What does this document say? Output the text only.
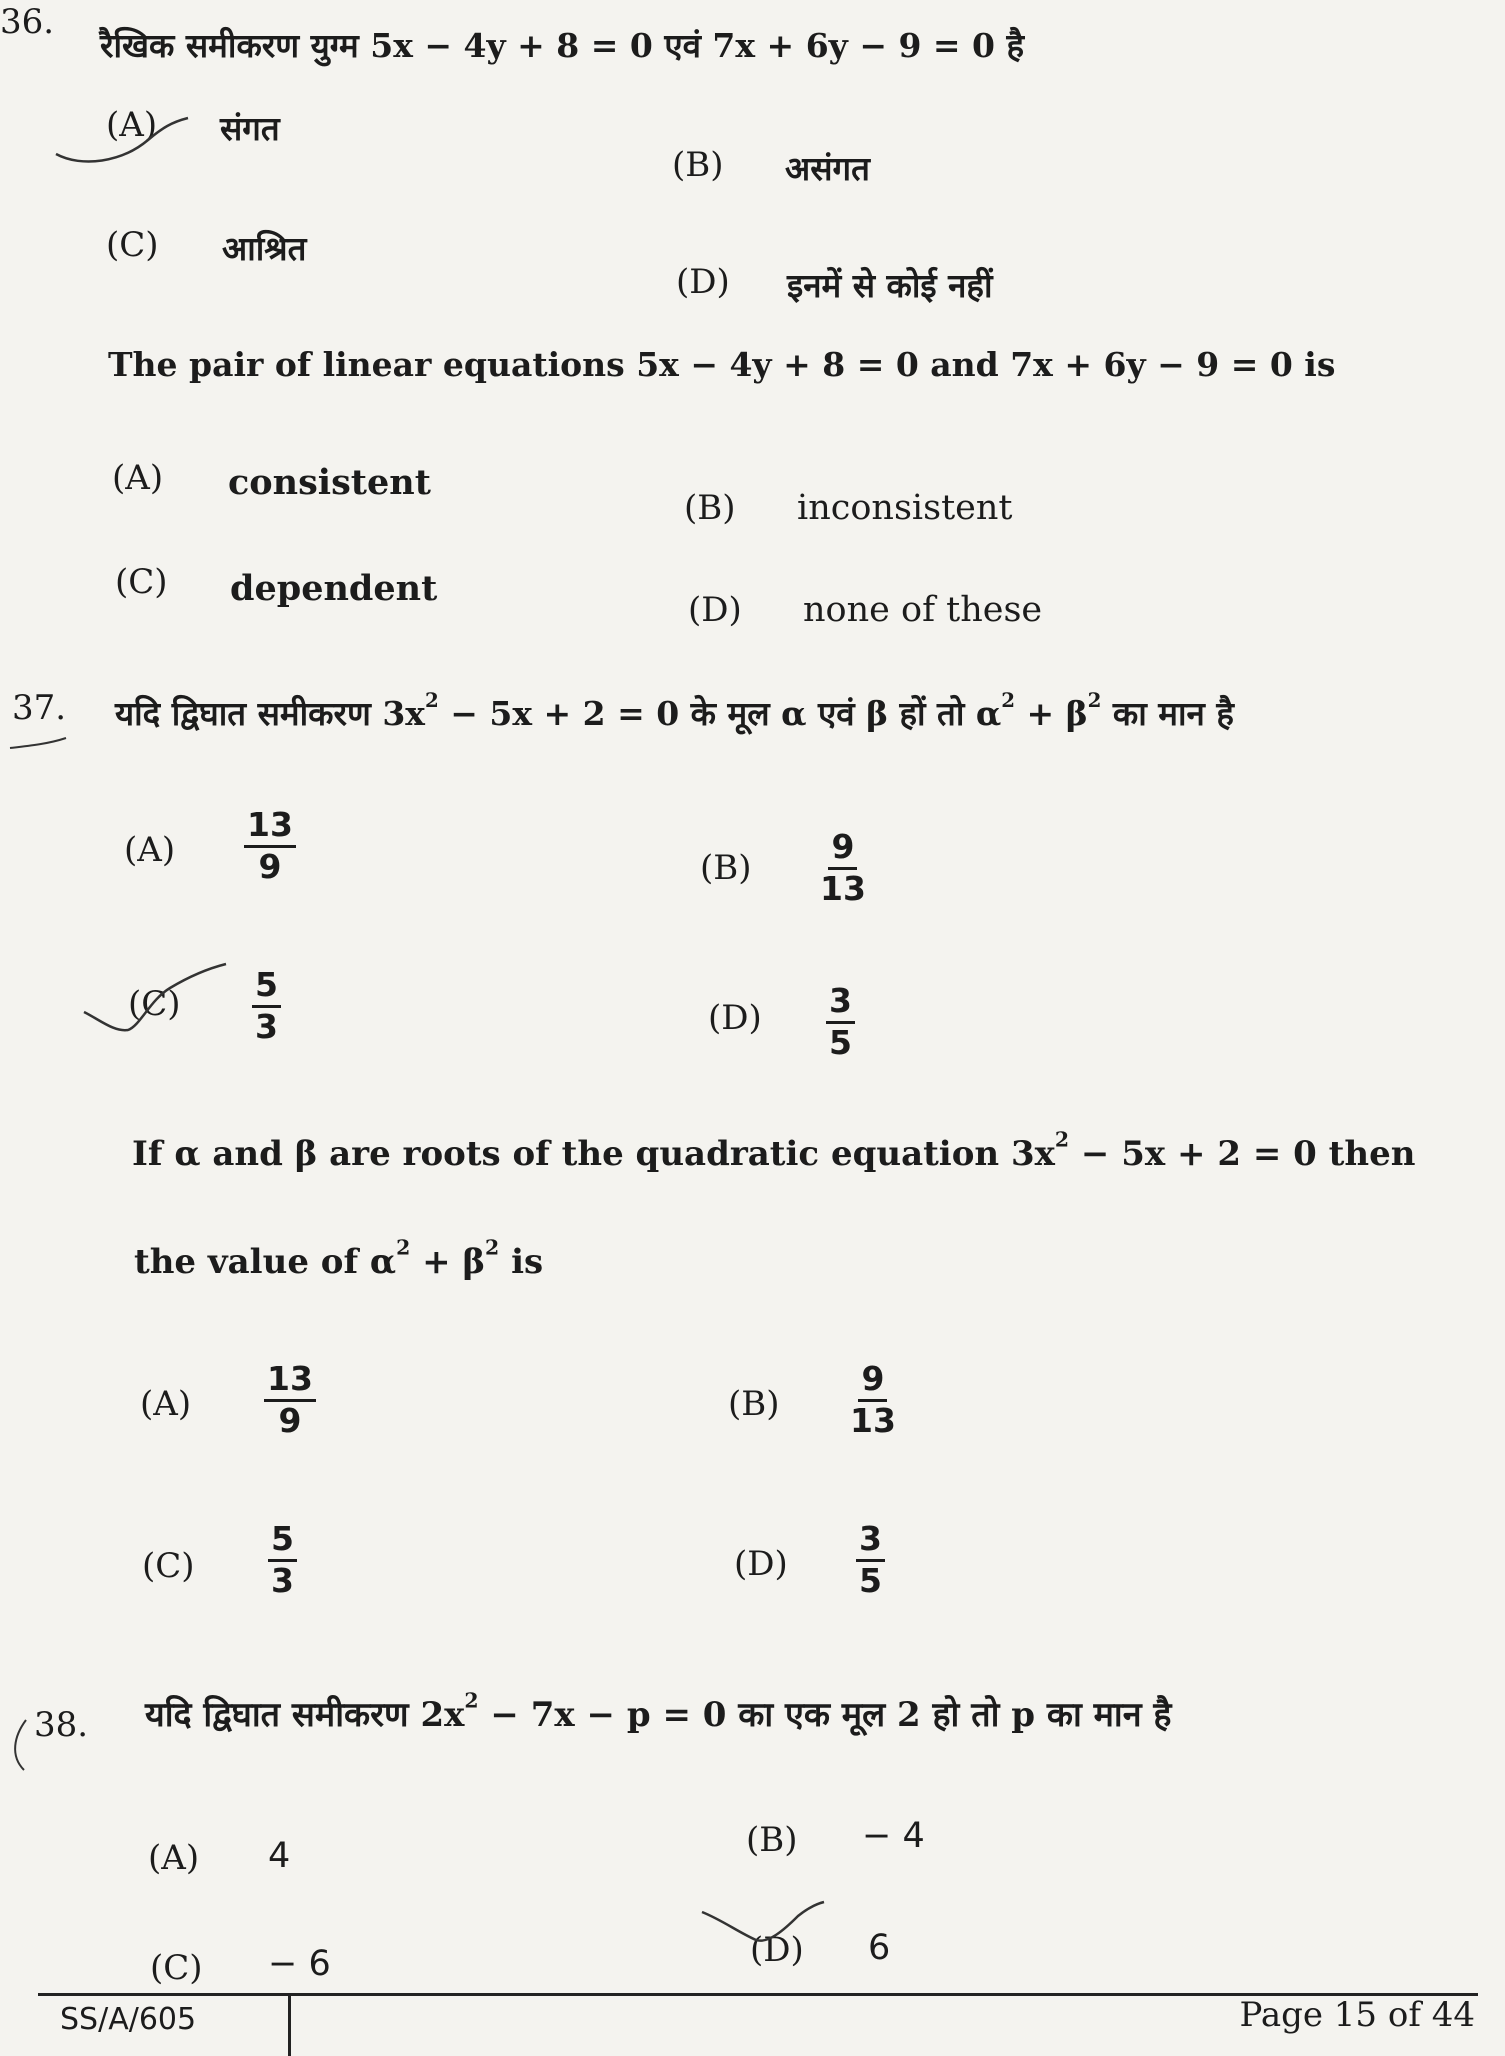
36.
रैखिक समीकरण युग्म 5x − 4y + 8 = 0 एवं 7x + 6y − 9 = 0 है
(A) संगत
(B) असंगत
(C) आश्रित
(D) इनमें से कोई नहीं
The pair of linear equations 5x − 4y + 8 = 0 and 7x + 6y − 9 = 0 is
(A) consistent
(B) inconsistent
(C) dependent
(D) none of these
37. यदि द्विघात समीकरण $3x^2 - 5x + 2 = 0$ के मूल α एवं β हों तो $\alpha^2 + \beta^2$ का मान है
$(A) \frac{13}{9}$	$(B) \frac{9}{13}$
$(C) \frac{5}{3}$	$(D) \frac{3}{5}$
If α and β are roots of the quadratic equation $3x^2 - 5x + 2 = 0$ then
the value of $\alpha^2 + \beta^2$ is
$(A) \frac{13}{9}$	$(B) \frac{9}{13}$
$(C) \frac{5}{3}$	$(D) \frac{3}{5}$
38. यदि द्विघात समीकरण $2x^2 - 7x - p = 0$ का एक मूल 2 हो तो p का मान है
(A) 4	(B) − 4
(C) − 6	(D) 6
SS/A/605	Page 15 of 44
